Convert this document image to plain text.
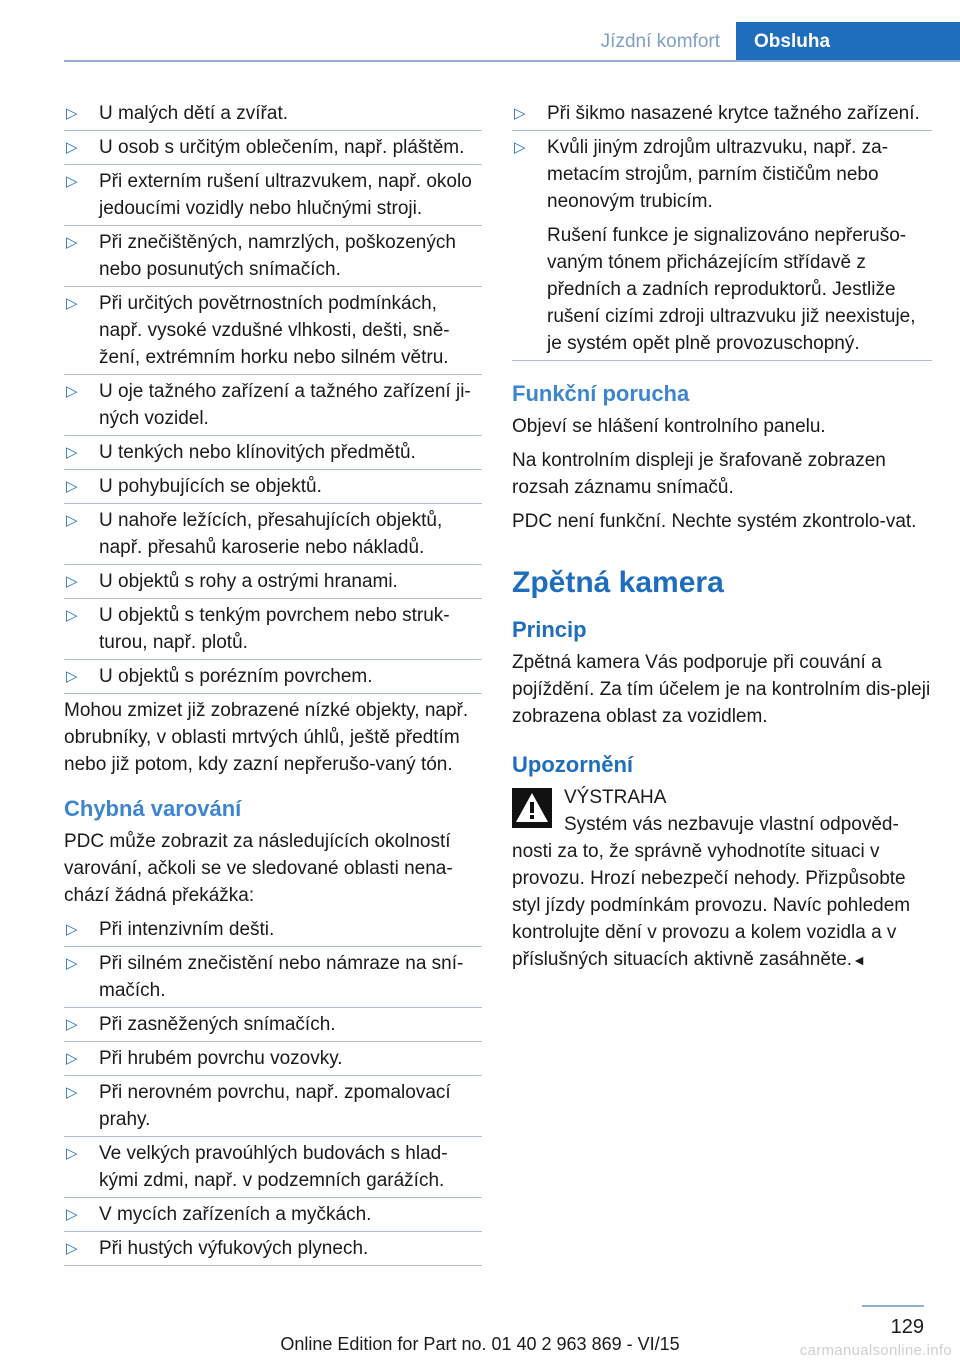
Jízdní komfort	Obsluha
▷ U malých dětí a zvířat.
▷ U osob s určitým oblečením, např. pláštěm.
▷ Při externím rušení ultrazvukem, např. okolo jedoucími vozidly nebo hlučnými stroji.
▷ Při znečištěných, namrzlých, poškozených nebo posunutých snímačích.
▷ Při určitých povětrnostních podmínkách, např. vysoké vzdušné vlhkosti, dešti, sně-žení, extrémním horku nebo silném větru.
▷ U oje tažného zařízení a tažného zařízení ji-ných vozidel.
▷ U tenkých nebo klínovitých předmětů.
▷ U pohybujících se objektů.
▷ U nahoře ležících, přesahujících objektů, např. přesahů karoserie nebo nákladů.
▷ U objektů s rohy a ostrými hranami.
▷ U objektů s tenkým povrchem nebo struk-turou, např. plotů.
▷ U objektů s porézním povrchem.

Mohou zmizet již zobrazené nízké objekty, např. obrubníky, v oblasti mrtvých úhlů, ještě předtím nebo již potom, kdy zazní nepřerušo-vaný tón.

Chybná varování

PDC může zobrazit za následujících okolností varování, ačkoli se ve sledované oblasti nena-chází žádná překážka:

▷ Při intenzivním dešti.
▷ Při silném znečistění nebo námraze na sní-mačích.
▷ Při zasněžených snímačích.
▷ Při hrubém povrchu vozovky.
▷ Při nerovném povrchu, např. zpomalovací prahy.
▷ Ve velkých pravoúhlých budovách s hlad-kými zdmi, např. v podzemních garážích.
▷ V mycích zařízeních a myčkách.
▷ Při hustých výfukových plynech.
▷ Při šikmo nasazené krytce tažného zařízení.
▷ Kvůli jiným zdrojům ultrazvuku, např. za-metacím strojům, parním čističům nebo neonovým trubicím.

Rušení funkce je signalizováno nepřerušo-vaným tónem přicházejícím střídavě z předních a zadních reproduktorů. Jestliže rušení cizími zdroji ultrazvuku již neexistuje, je systém opět plně provozuschopný.

Funkční porucha

Objeví se hlášení kontrolního panelu.

Na kontrolním displeji je šrafovaně zobrazen rozsah záznamu snímačů.

PDC není funkční. Nechte systém zkontrolo-vat.

Zpětná kamera
Princip

Zpětná kamera Vás podporuje při couvání a pojíždění. Za tím účelem je na kontrolním dis-pleji zobrazena oblast za vozidlem.

Upozornění

VÝSTRAHA

Systém vás nezbavuje vlastní odpověd-

nosti za to, že správně vyhodnotíte situaci v provozu. Hrozí nebezpečí nehody. Přizpůsobte styl jízdy podmínkám provozu. Navíc pohledem kontrolujte dění v provozu a kolem vozidla a v příslušných situacích aktivně zasáhněte.◄

129
Online Edition for Part no. 01 40 2 963 869 - VI/15	carmanualsonline.info
